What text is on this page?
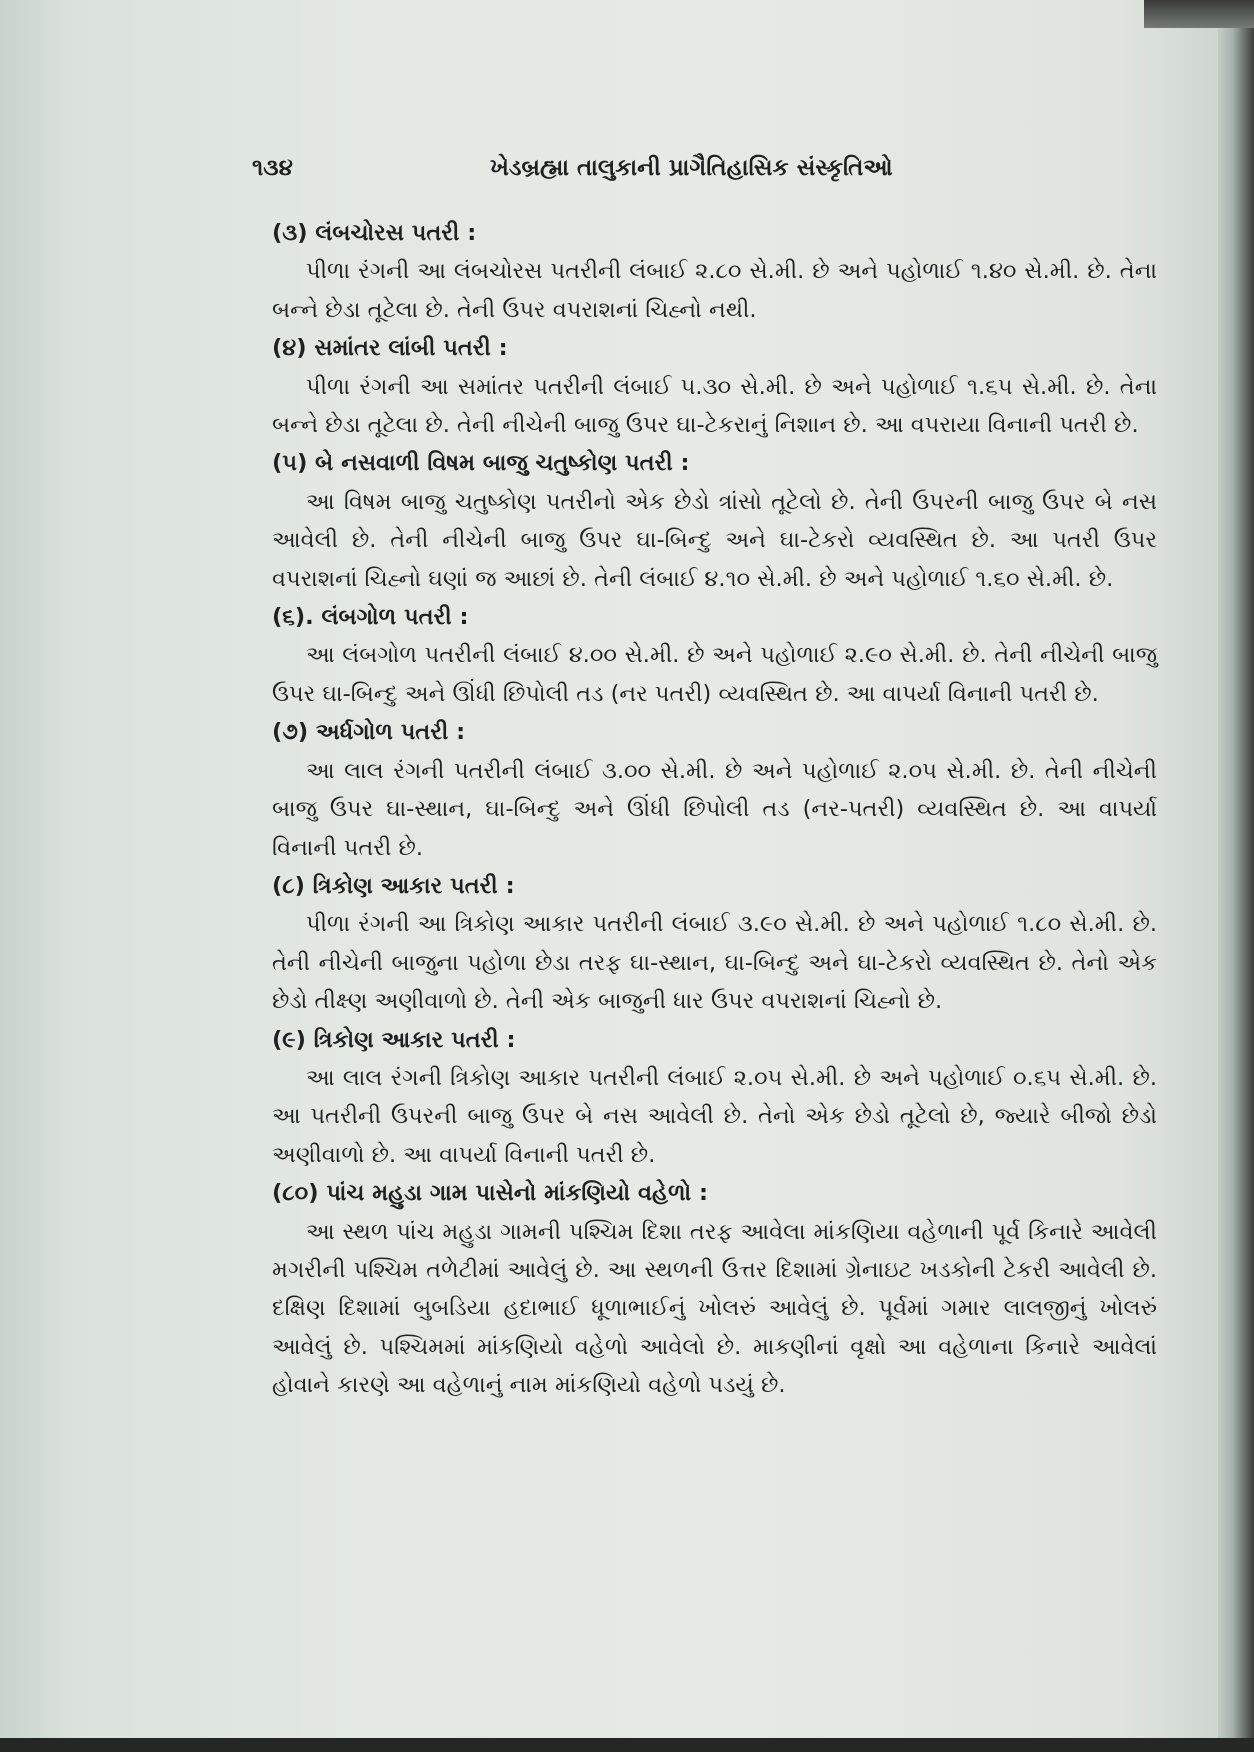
૧૩૪	ખેડબ્રહ્મા તાલુકાની પ્રાગૈતિહાસિક સંસ્કૃતિઓ

(૩) લંબચોરસ પતરી :

પીળા રંગની આ લંબચોરસ પતરીની લંબાઈ ૨.૮૦ સે.મી. છે અને પહોળાઈ ૧.૪૦ સે.મી. છે. તેના બન્ને છેડા તૂટેલા છે. તેની ઉપર વપરાશનાં ચિહ્નો નથી.

(૪) સમાંતર લાંબી પતરી :

પીળા રંગની આ સમાંતર પતરીની લંબાઈ ૫.૩૦ સે.મી. છે અને પહોળાઈ ૧.૬૫ સે.મી. છે. તેના બન્ને છેડા તૂટેલા છે. તેની નીચેની બાજુ ઉપર ઘા-ટેકરાનું નિશાન છે. આ વપરાયા વિનાની પતરી છે.

(૫) બે નસવાળી વિષમ બાજુ ચતુષ્કોણ પતરી :

આ વિષમ બાજુ ચતુષ્કોણ પતરીનો એક છેડો ત્રાંસો તૂટેલો છે. તેની ઉપરની બાજુ ઉપર બે નસ આવેલી છે. તેની નીચેની બાજુ ઉપર ઘા-બિન્દુ અને ઘા-ટેકરો વ્યવસ્થિત છે. આ પતરી ઉપર વપરાશનાં ચિહ્નો ઘણાં જ આછાં છે. તેની લંબાઈ ૪.૧૦ સે.મી. છે અને પહોળાઈ ૧.૬૦ સે.મી. છે.

(૬). લંબગોળ પતરી :

આ લંબગોળ પતરીની લંબાઈ ૪.૦૦ સે.મી. છે અને પહોળાઈ ૨.૯૦ સે.મી. છે. તેની નીચેની બાજુ ઉપર ઘા-બિન્દુ અને ઊંધી છિપોલી તડ (નર પતરી) વ્યવસ્થિત છે. આ વાપર્યા વિનાની પતરી છે.

(૭) અર્ધગોળ પતરી :

આ લાલ રંગની પતરીની લંબાઈ ૩.૦૦ સે.મી. છે અને પહોળાઈ ૨.૦૫ સે.મી. છે. તેની નીચેની બાજુ ઉપર ઘા-સ્થાન, ઘા-બિન્દુ અને ઊંધી છિપોલી તડ (નર-પતરી) વ્યવસ્થિત છે. આ વાપર્યા વિનાની પતરી છે.

(૮) ત્રિકોણ આકાર પતરી :

પીળા રંગની આ ત્રિકોણ આકાર પતરીની લંબાઈ ૩.૯૦ સે.મી. છે અને પહોળાઈ ૧.૮૦ સે.મી. છે. તેની નીચેની બાજુના પહોળા છેડા તરફ ઘા-સ્થાન, ઘા-બિન્દુ અને ઘા-ટેકરો વ્યવસ્થિત છે. તેનો એક છેડો તીક્ષ્ણ અણીવાળો છે. તેની એક બાજુની ધાર ઉપર વપરાશનાં ચિહ્નો છે.

(૯) ત્રિકોણ આકાર પતરી :

આ લાલ રંગની ત્રિકોણ આકાર પતરીની લંબાઈ ૨.૦૫ સે.મી. છે અને પહોળાઈ ૦.૬૫ સે.મી. છે. આ પતરીની ઉપરની બાજુ ઉપર બે નસ આવેલી છે. તેનો એક છેડો તૂટેલો છે, જ્યારે બીજો છેડો અણીવાળો છે. આ વાપર્યા વિનાની પતરી છે.

(૮૦) પાંચ મહુડા ગામ પાસેનો માંકણિયો વહેળો :

આ સ્થળ પાંચ મહુડા ગામની પશ્ચિમ દિશા તરફ આવેલા માંકણિયા વહેળાની પૂર્વ કિનારે આવેલી મગરીની પશ્ચિમ તળેટીમાં આવેલું છે. આ સ્થળની ઉત્તર દિશામાં ગ્રેનાઇટ ખડકોની ટેકરી આવેલી છે. દક્ષિણ દિશામાં બુબડિયા હદાભાઈ ધૂળાભાઈનું ખોલરું આવેલું છે. પૂર્વમાં ગમાર લાલજીનું ખોલરું આવેલું છે. પશ્ચિમમાં માંકણિયો વહેળો આવેલો છે. માકણીનાં વૃક્ષો આ વહેળાના કિનારે આવેલાં હોવાને કારણે આ વહેળાનું નામ માંકણિયો વહેળો પડયું છે.
